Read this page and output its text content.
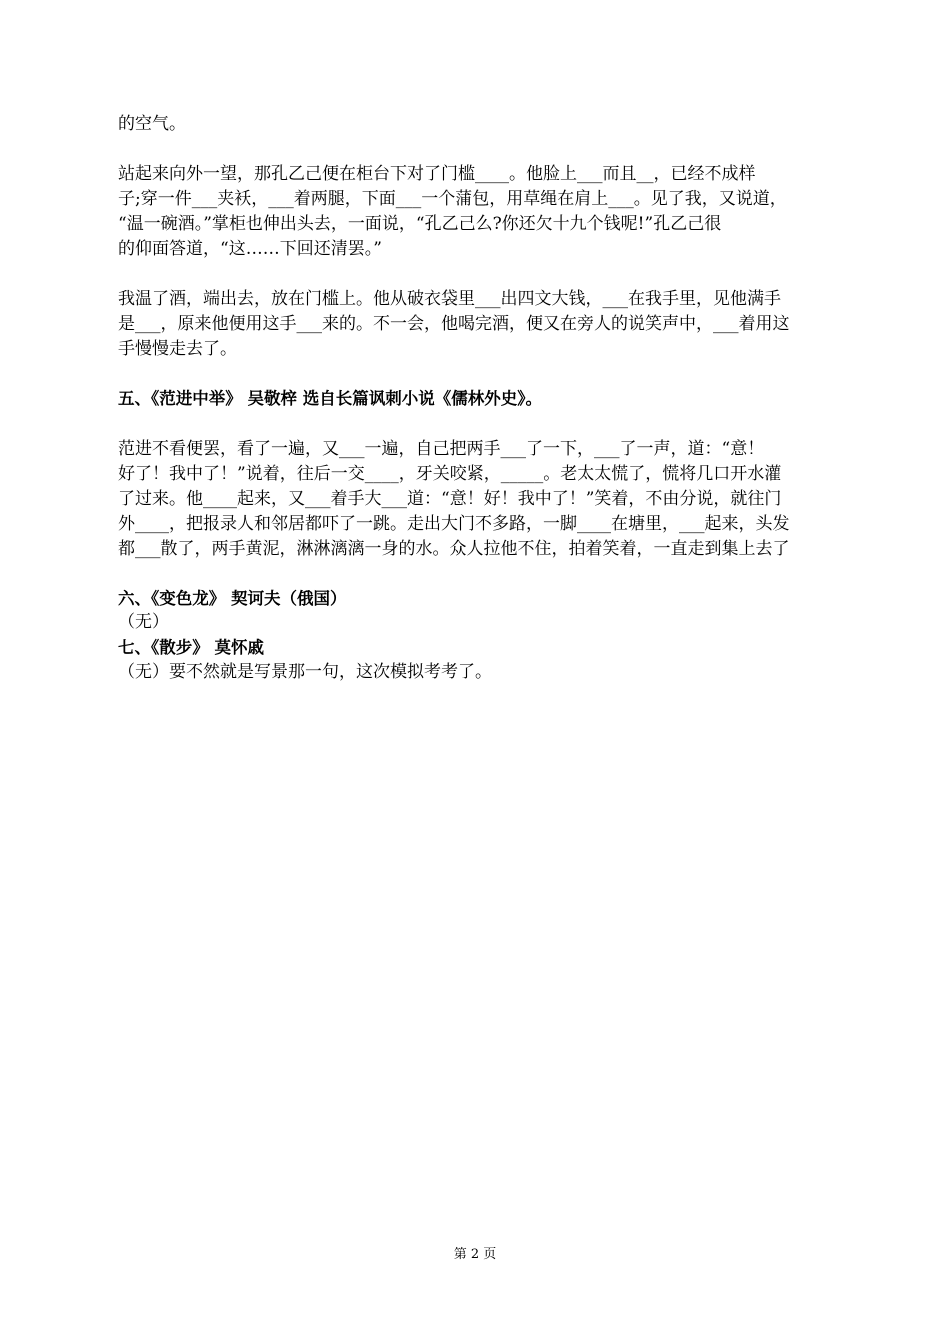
的空气。
站起来向外一望，那孔乙己便在柜台下对了门槛____。他脸上___而且__，已经不成样
子;穿一件___夹袄，___着两腿，下面___一个蒲包，用草绳在肩上___。见了我，又说道，
“温一碗酒。”掌柜也伸出头去，一面说，“孔乙己么?你还欠十九个钱呢!”孔乙己很
的仰面答道，“这……下回还清罢。”
我温了酒，端出去，放在门槛上。他从破衣袋里___出四文大钱，___在我手里，见他满手
是___，原来他便用这手___来的。不一会，他喝完酒，便又在旁人的说笑声中，___着用这
手慢慢走去了。
五、《范进中举》 吴敬梓 选自长篇讽刺小说《儒林外史》。
范进不看便罢，看了一遍，又___一遍，自己把两手___了一下，___了一声，道：“意！
好了！我中了！”说着，往后一交____，牙关咬紧，_____。老太太慌了，慌将几口开水灌
了过来。他____起来，又___着手大___道：“意！好！我中了！”笑着，不由分说，就往门
外____，把报录人和邻居都吓了一跳。走出大门不多路，一脚____在塘里，___起来，头发
都___散了，两手黄泥，淋淋漓漓一身的水。众人拉他不住，拍着笑着，一直走到集上去了
六、《变色龙》 契诃夫（俄国）
（无）
七、《散步》 莫怀戚
（无）要不然就是写景那一句，这次模拟考考了。
第 2 页
